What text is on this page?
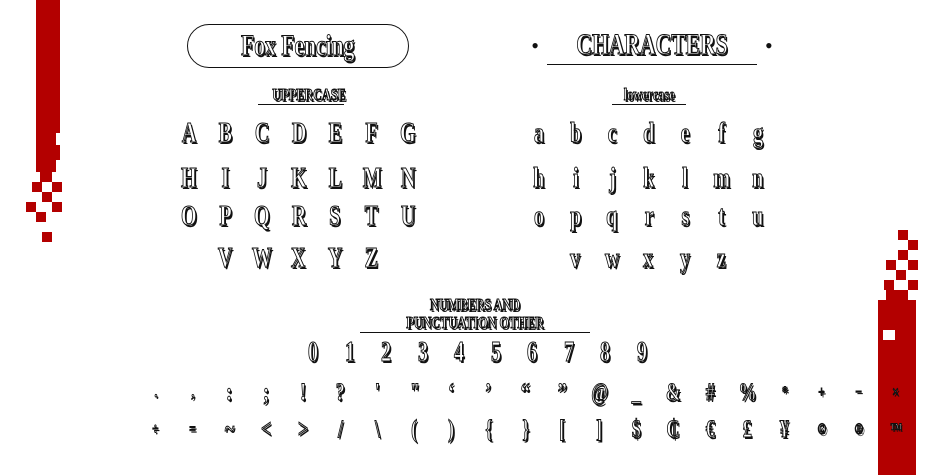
Fox Fencing	•	CHARACTERS	•
UPPERCASE	lowercase
NUMBERS AND PUNCTUATION OTHER
A B C D E F G
H I J K L M N
O P Q R S T U
V W X Y Z
a b c d e f g
h i j k l m n
o p q r s t u
v w x y z
0 1 2 3 4 5 6 7 8 9
. , : ; ! ? ' " ‘ ’ “ ” @ _ & # % * + − ×
÷ = ~ < > / \ ( ) { } [ ] $ ₵ € £ ¥ © ® ™
